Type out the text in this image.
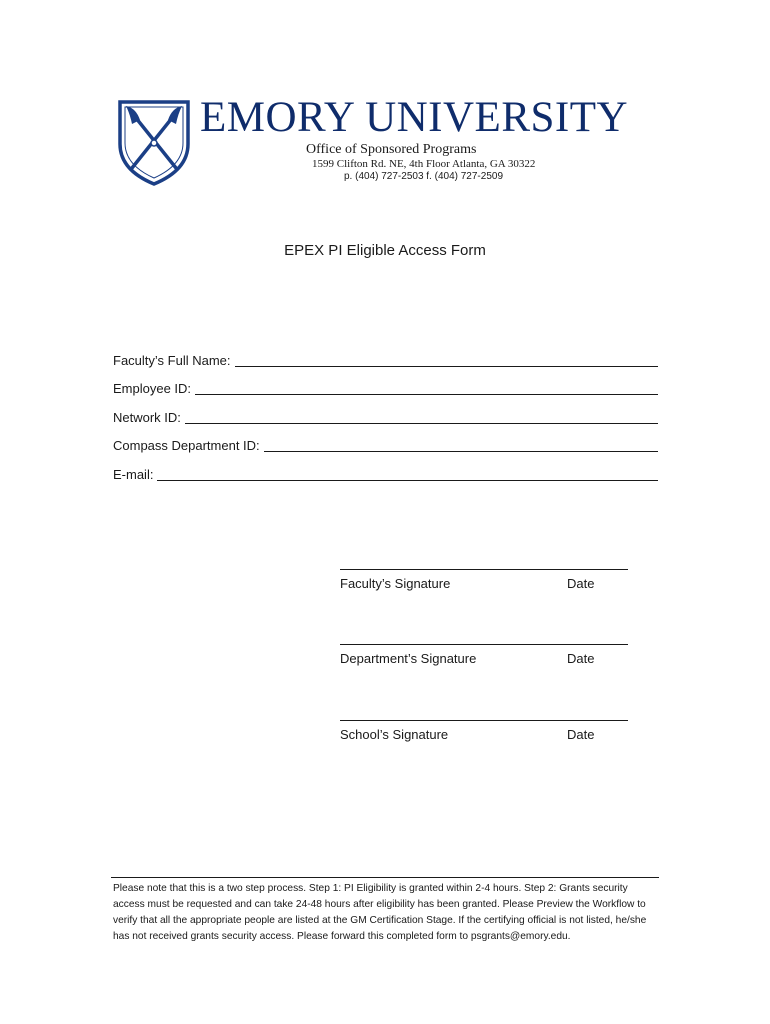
EMORY UNIVERSITY
Office of Sponsored Programs
1599 Clifton Rd. NE, 4th Floor Atlanta, GA 30322
p. (404) 727-2503 f. (404) 727-2509
EPEX PI Eligible Access Form
Faculty’s Full Name:
Employee ID:
Network ID:
Compass Department ID:
E-mail:
Faculty’s Signature	Date
Department’s Signature	Date
School’s Signature	Date
Please note that this is a two step process. Step 1: PI Eligibility is granted within 2-4 hours. Step 2: Grants security access must be requested and can take 24-48 hours after eligibility has been granted. Please Preview the Workflow to verify that all the appropriate people are listed at the GM Certification Stage. If the certifying official is not listed, he/she has not received grants security access. Please forward this completed form to psgrants@emory.edu.
